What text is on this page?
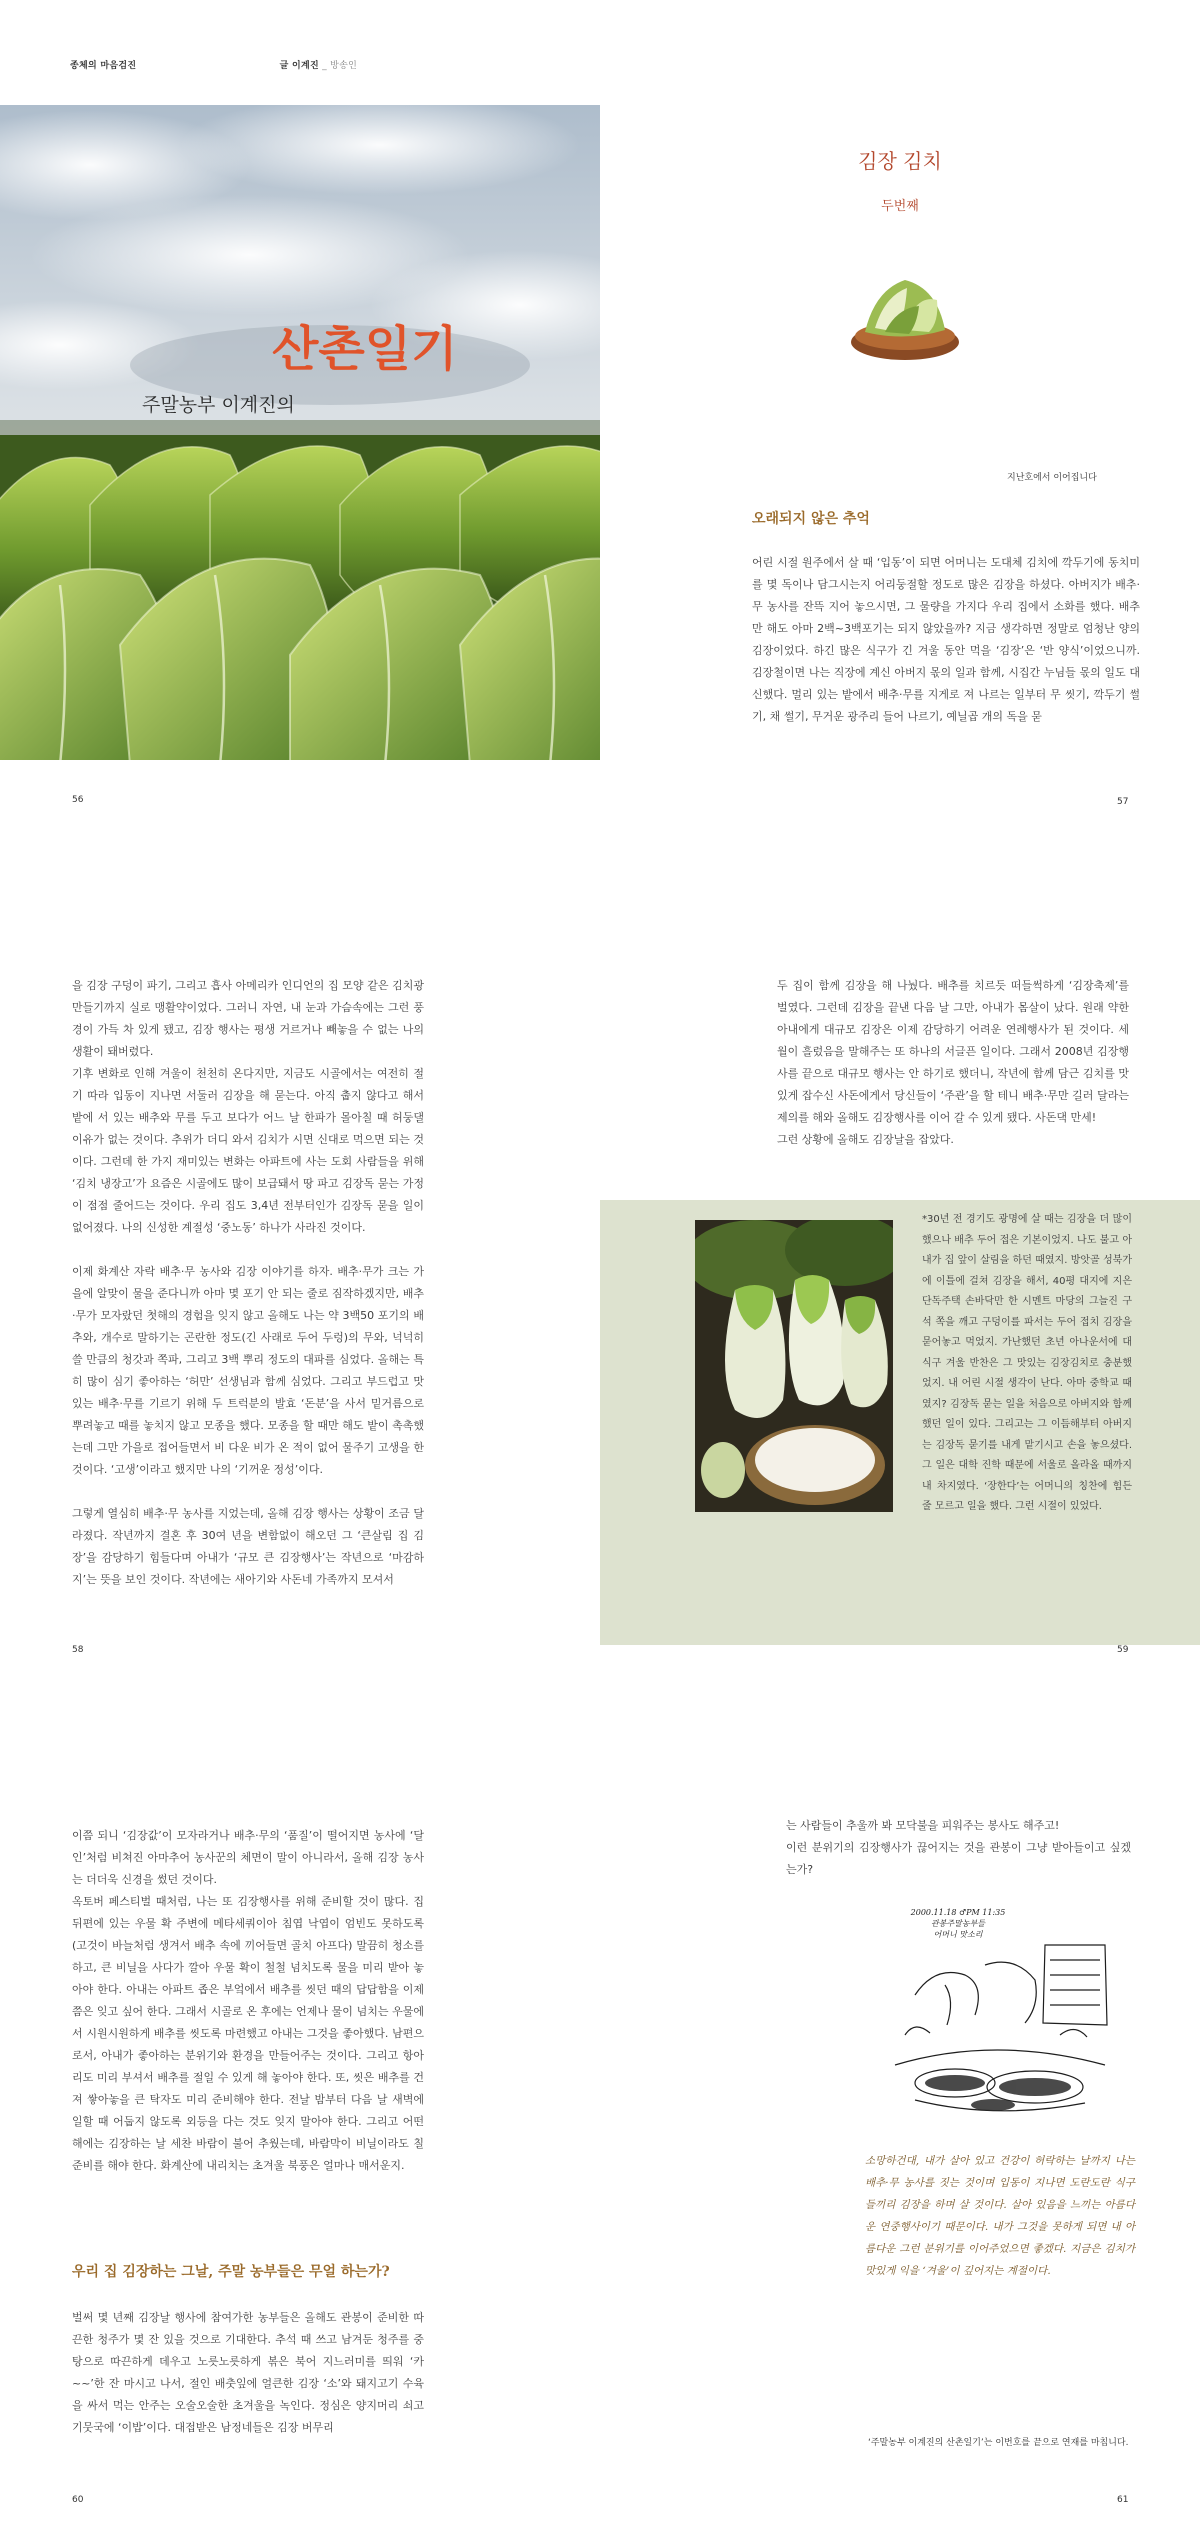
종체의 마음검진	글 이계진 _ 방송인
산촌일기
주말농부 이계진의
김장 김치
두번째
지난호에서 이어집니다
오래되지 않은 추억

어린 시절 원주에서 살 때 ‘입동’이 되면 어머니는 도대체 김치에 깍두기에 동치미를 몇 독이나 담그시는지 어리둥절할 정도로 많은 김장을 하셨다. 아버지가 배추·무 농사를 잔뜩 지어 놓으시면, 그 물량을 가지다 우리 집에서 소화를 했다. 배추만 해도 아마 2백~3백포기는 되지 않았을까? 지금 생각하면 정말로 엄청난 양의 김장이었다. 하긴 많은 식구가 긴 겨울 동안 먹을 ‘김장’은 ‘반 양식’이었으니까. 김장철이면 나는 직장에 계신 아버지 몫의 일과 함께, 시집간 누님들 몫의 일도 대신했다. 멀리 있는 밭에서 배추·무를 지게로 져 나르는 일부터 무 씻기, 깍두기 썰기, 채 썰기, 무거운 광주리 들어 나르기, 예닐곱 개의 독을 묻

56	57

을 김장 구덩이 파기, 그리고 흡사 아메리카 인디언의 집 모양 같은 김치광 만들기까지 실로 맹활약이었다. 그러니 자연, 내 눈과 가슴속에는 그런 풍경이 가득 차 있게 됐고, 김장 행사는 평생 거르거나 빼놓을 수 없는 나의 생활이 돼버렸다.

기후 변화로 인해 겨울이 천천히 온다지만, 지금도 시골에서는 여전히 절기 따라 입동이 지나면 서둘러 김장을 해 묻는다. 아직 춥지 않다고 해서 밭에 서 있는 배추와 무를 두고 보다가 어느 날 한파가 몰아칠 때 허둥댈 이유가 없는 것이다. 추위가 더디 와서 김치가 시면 신대로 먹으면 되는 것이다. 그런데 한 가지 재미있는 변화는 아파트에 사는 도회 사람들을 위해 ‘김치 냉장고’가 요즘은 시골에도 많이 보급돼서 땅 파고 김장독 묻는 가정이 점점 줄어드는 것이다. 우리 집도 3,4년 전부터인가 김장독 묻을 일이 없어졌다. 나의 신성한 계절성 ‘중노동’ 하나가 사라진 것이다.

이제 화계산 자락 배추·무 농사와 김장 이야기를 하자. 배추·무가 크는 가을에 알맞이 물을 준다니까 아마 몇 포기 안 되는 줄로 짐작하겠지만, 배추·무가 모자랐던 첫해의 경험을 잊지 않고 올해도 나는 약 3백50 포기의 배추와, 개수로 말하기는 곤란한 정도(긴 사래로 두어 두렁)의 무와, 넉넉히 쓸 만큼의 청갓과 쪽파, 그리고 3백 뿌리 정도의 대파를 심었다. 올해는 특히 많이 심기 좋아하는 ‘허만’ 선생님과 함께 심었다. 그리고 부드럽고 맛있는 배추·무를 기르기 위해 두 트럭분의 발효 ‘돈분’을 사서 밑거름으로 뿌려놓고 때를 놓치지 않고 모종을 했다. 모종을 할 때만 해도 밭이 촉촉했는데 그만 가을로 접어들면서 비 다운 비가 온 적이 없어 물주기 고생을 한 것이다. ‘고생’이라고 했지만 나의 ‘기꺼운 정성’이다.

그렇게 열심히 배추·무 농사를 지었는데, 올해 김장 행사는 상황이 조금 달라졌다. 작년까지 결혼 후 30여 년을 변함없이 해오던 그 ‘큰살림 집 김장’을 감당하기 힘들다며 아내가 ‘규모 큰 김장행사’는 작년으로 ‘마감하지’는 뜻을 보인 것이다. 작년에는 새아기와 사돈네 가족까지 모셔서

두 집이 함께 김장을 해 나눴다. 배추를 치르듯 떠들썩하게 ‘김장축제’를 벌였다. 그런데 김장을 끝낸 다음 날 그만, 아내가 몸살이 났다. 원래 약한 아내에게 대규모 김장은 이제 감당하기 어려운 연례행사가 된 것이다. 세월이 흘렀음을 말해주는 또 하나의 서글픈 일이다. 그래서 2008년 김장행사를 끝으로 대규모 행사는 안 하기로 했더니, 작년에 함께 담근 김치를 맛있게 잡수신 사돈에게서 당신들이 ‘주관’을 할 테니 배추·무만 길러 달라는 제의를 해와 올해도 김장행사를 이어 갈 수 있게 됐다. 사돈댁 만세!

그런 상황에 올해도 김장날을 잡았다.

*30년 전 경기도 광명에 살 때는 김장을 더 많이 했으나 배추 두어 접은 기본이었지. 나도 불고 아내가 집 앞이 살림을 하던 때였지. 방앗골 성북가에 이틀에 걸쳐 김장을 해서, 40평 대지에 지은 단독주택 손바닥만 한 시멘트 마당의 그늘진 구석 쪽을 깨고 구덩이를 파서는 두어 접치 김장을 묻어놓고 먹었지. 가난했던 초년 아나운서에 대식구 겨울 반찬은 그 맛있는 김장김치로 충분했었지. 내 어린 시절 생각이 난다. 아마 중학교 때였지? 김장독 묻는 일을 처음으로 아버지와 함께 했던 일이 있다. 그리고는 그 이듬해부터 아버지는 김장독 묻기를 내게 맡기시고 손을 놓으셨다. 그 일은 대학 진학 때문에 서울로 올라올 때까지 내 차지였다. ‘장한다’는 어머니의 칭찬에 힘든 줄 모르고 일을 했다. 그런 시절이 있었다.
58	59

이쯤 되니 ‘김장값’이 모자라거나 배추·무의 ‘품질’이 떨어지면 농사에 ‘달인’처럼 비쳐진 아마추어 농사꾼의 체면이 말이 아니라서, 올해 김장 농사는 더더욱 신경을 썼던 것이다.

옥토버 페스티벌 때처럼, 나는 또 김장행사를 위해 준비할 것이 많다. 집 뒤편에 있는 우물 확 주변에 메타세쿼이아 침엽 낙엽이 엄빈도 못하도록(고것이 바늘처럼 생겨서 배추 속에 끼어들면 골치 아프다) 말끔히 청소를 하고, 큰 비닐을 사다가 깔아 우물 확이 철철 넘치도록 물을 미리 받아 놓아야 한다. 아내는 아파트 좁은 부엌에서 배추를 씻던 때의 답답함을 이제쯤은 잊고 싶어 한다. 그래서 시골로 온 후에는 언제나 물이 넘치는 우물에서 시원시원하게 배추를 씻도록 마련했고 아내는 그것을 좋아했다. 남편으로서, 아내가 좋아하는 분위기와 환경을 만들어주는 것이다. 그리고 항아리도 미리 부셔서 배추를 절일 수 있게 해 놓아야 한다. 또, 씻은 배추를 건져 쌓아놓을 큰 탁자도 미리 준비해야 한다. 전날 밤부터 다음 날 새벽에 일할 때 어둡지 않도록 외등을 다는 것도 잊지 말아야 한다. 그리고 어떤 해에는 김장하는 날 세찬 바람이 불어 추웠는데, 바람막이 비닐이라도 칠 준비를 해야 한다. 화계산에 내리치는 초겨울 북풍은 얼마나 매서운지.

우리 집 김장하는 그날, 주말 농부들은 무얼 하는가?

벌써 몇 년째 김장날 행사에 참여가한 농부들은 올해도 관봉이 준비한 따끈한 청주가 몇 잔 있을 것으로 기대한다. 추석 때 쓰고 남겨둔 청주를 중탕으로 따끈하게 데우고 노릇노릇하게 볶은 북어 지느러미를 띄워 ‘카~~’한 잔 마시고 나서, 절인 배춧잎에 얼큰한 김장 ‘소’와 돼지고기 수육을 싸서 먹는 안주는 오술오술한 초겨울을 녹인다. 정심은 양지머리 쇠고기뭇국에 ‘이밥’이다. 대접받은 남정네들은 김장 버무리

는 사람들이 추울까 봐 모닥불을 피워주는 봉사도 해주고!

이런 분위기의 김장행사가 끊어지는 것을 관봉이 그냥 받아들이고 싶겠는가?

2000.11.18 ♂PM 11:35
관봉주말농부들
어머니 맛소리
소망하건대, 내가 살아 있고 건강이 허락하는 날까지 나는 배추·무 농사를 짓는 것이며 입동이 지나면 도란도란 식구들끼리 김장을 하며 살 것이다. 살아 있음을 느끼는 아름다운 연중행사이기 때문이다. 내가 그것을 못하게 되면 내 아름다운 그런 분위기를 이어주었으면 좋겠다. 지금은 김치가 맛있게 익을 ‘겨울’이 깊어지는 계절이다.
‘주말농부 이계진의 산촌일기’는 이번호를 끝으로 연재를 마칩니다.
60	61
